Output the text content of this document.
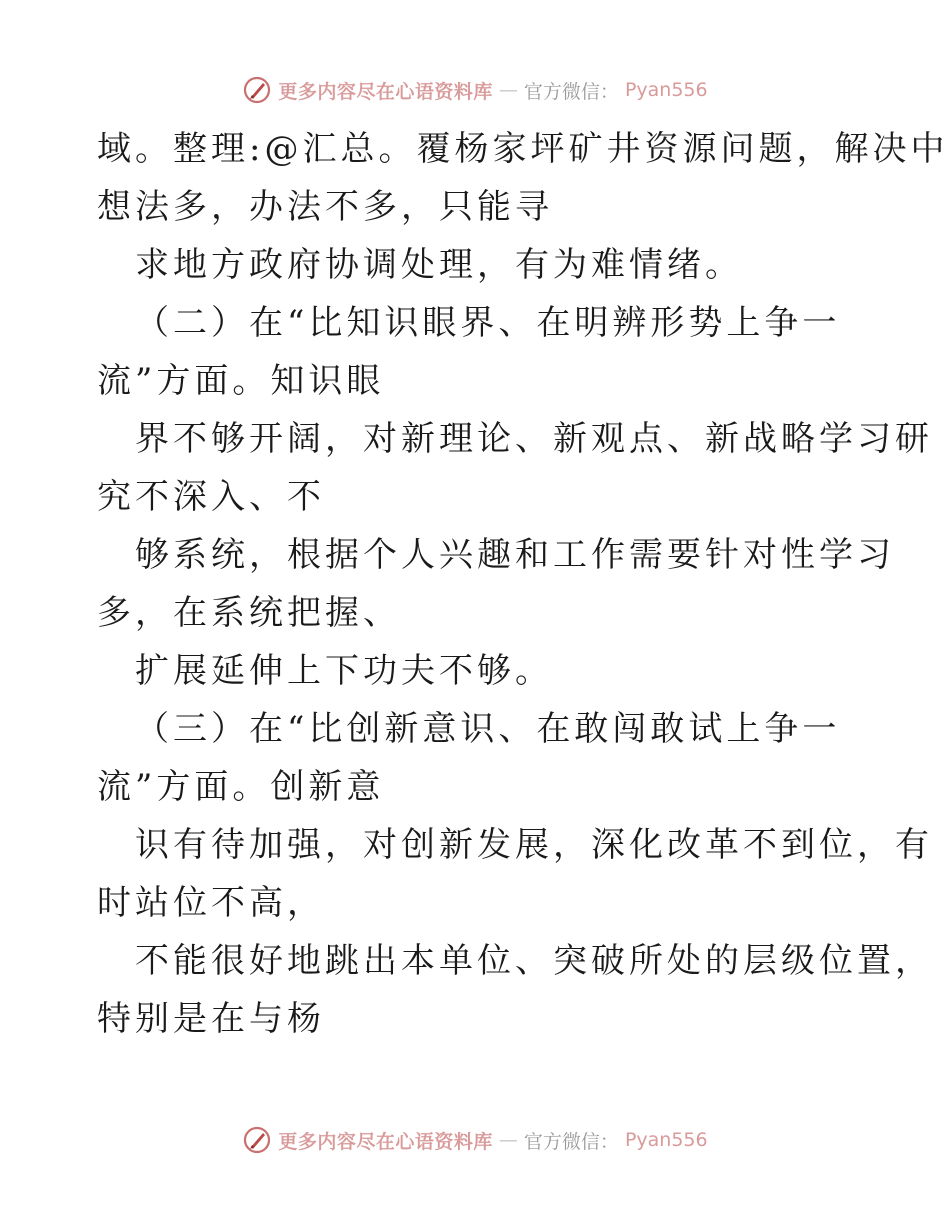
更多内容尽在心语资料库 — 官方微信： Pyan556
域。整理:@汇总。覆杨家坪矿井资源问题，解决中
想法多，办法不多，只能寻
求地方政府协调处理，有为难情绪。
（二）在“比知识眼界、在明辨形势上争一
流”方面。知识眼
界不够开阔，对新理论、新观点、新战略学习研
究不深入、不
够系统，根据个人兴趣和工作需要针对性学习
多，在系统把握、
扩展延伸上下功夫不够。
（三）在“比创新意识、在敢闯敢试上争一
流”方面。创新意
识有待加强，对创新发展，深化改革不到位，有
时站位不高，
不能很好地跳出本单位、突破所处的层级位置，
特别是在与杨
更多内容尽在心语资料库 — 官方微信： Pyan556
